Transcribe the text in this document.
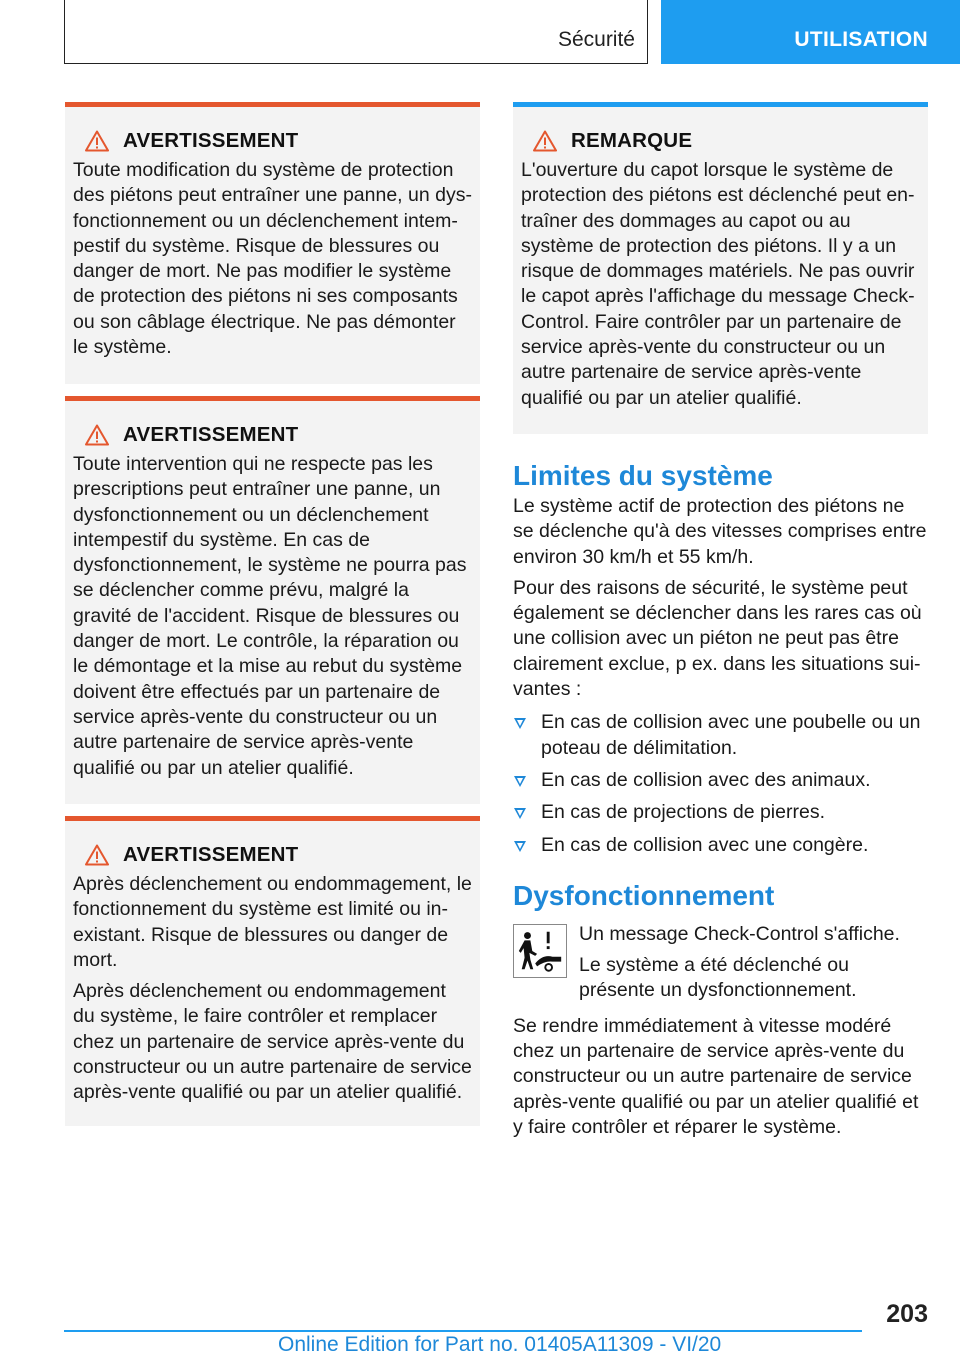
Sécurité	UTILISATION
AVERTISSEMENT

Toute modification du système de protection des piétons peut entraîner une panne, un dysfonctionnement ou un déclenchement intempestif du système. Risque de blessures ou danger de mort. Ne pas modifier le système de protection des piétons ni ses composants ou son câblage électrique. Ne pas démonter le système.

AVERTISSEMENT

Toute intervention qui ne respecte pas les prescriptions peut entraîner une panne, un dysfonctionnement ou un déclenchement intempestif du système. En cas de dysfonctionnement, le système ne pourra pas se déclencher comme prévu, malgré la gravité de l'accident. Risque de blessures ou danger de mort. Le contrôle, la réparation ou le démontage et la mise au rebut du système doivent être effectués par un partenaire de service après-vente du constructeur ou un autre partenaire de service après-vente qualifié ou par un atelier qualifié.

AVERTISSEMENT

Après déclenchement ou endommagement, le fonctionnement du système est limité ou inexistant. Risque de blessures ou danger de mort.

Après déclenchement ou endommagement du système, le faire contrôler et remplacer chez un partenaire de service après-vente du constructeur ou un autre partenaire de service après-vente qualifié ou par un atelier qualifié.

REMARQUE

L'ouverture du capot lorsque le système de protection des piétons est déclenché peut entraîner des dommages au capot ou au système de protection des piétons. Il y a un risque de dommages matériels. Ne pas ouvrir le capot après l'affichage du message Check-Control. Faire contrôler par un partenaire de service après-vente du constructeur ou un autre partenaire de service après-vente qualifié ou par un atelier qualifié.

Limites du système

Le système actif de protection des piétons ne se déclenche qu'à des vitesses comprises entre environ 30 km/h et 55 km/h.

Pour des raisons de sécurité, le système peut également se déclencher dans les rares cas où une collision avec un piéton ne peut pas être clairement exclue, p ex. dans les situations suivantes :

En cas de collision avec une poubelle ou un poteau de délimitation.
En cas de collision avec des animaux.
En cas de projections de pierres.
En cas de collision avec une congère.
Dysfonctionnement

Un message Check-Control s'affiche.

Le système a été déclenché ou présente un dysfonctionnement.

Se rendre immédiatement à vitesse modéré chez un partenaire de service après-vente du constructeur ou un autre partenaire de service après-vente qualifié ou par un atelier qualifié et y faire contrôler et réparer le système.

203
Online Edition for Part no. 01405A11309 - VI/20
